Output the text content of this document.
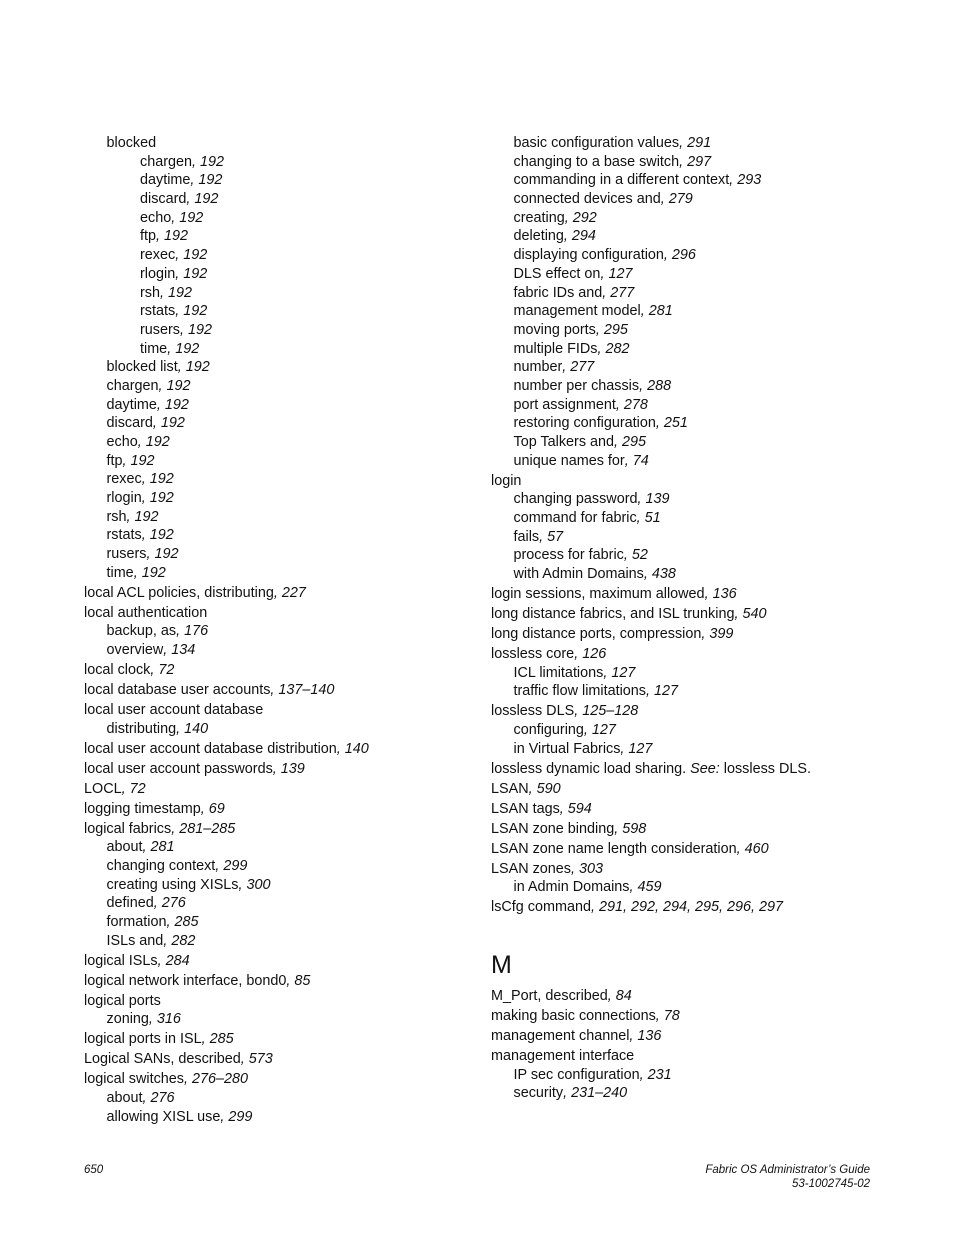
blocked
chargen, 192
daytime, 192
discard, 192
echo, 192
ftp, 192
rexec, 192
rlogin, 192
rsh, 192
rstats, 192
rusers, 192
time, 192
blocked list, 192
chargen, 192
daytime, 192
discard, 192
echo, 192
ftp, 192
rexec, 192
rlogin, 192
rsh, 192
rstats, 192
rusers, 192
time, 192
local ACL policies, distributing, 227
local authentication
backup, as, 176
overview, 134
local clock, 72
local database user accounts, 137–140
local user account database
distributing, 140
local user account database distribution, 140
local user account passwords, 139
LOCL, 72
logging timestamp, 69
logical fabrics, 281–285
about, 281
changing context, 299
creating using XISLs, 300
defined, 276
formation, 285
ISLs and, 282
logical ISLs, 284
logical network interface, bond0, 85
logical ports
zoning, 316
logical ports in ISL, 285
Logical SANs, described, 573
logical switches, 276–280
about, 276
allowing XISL use, 299
basic configuration values, 291
changing to a base switch, 297
commanding in a different context, 293
connected devices and, 279
creating, 292
deleting, 294
displaying configuration, 296
DLS effect on, 127
fabric IDs and, 277
management model, 281
moving ports, 295
multiple FIDs, 282
number, 277
number per chassis, 288
port assignment, 278
restoring configuration, 251
Top Talkers and, 295
unique names for, 74
login
changing password, 139
command for fabric, 51
fails, 57
process for fabric, 52
with Admin Domains, 438
login sessions, maximum allowed, 136
long distance fabrics, and ISL trunking, 540
long distance ports, compression, 399
lossless core, 126
ICL limitations, 127
traffic flow limitations, 127
lossless DLS, 125–128
configuring, 127
in Virtual Fabrics, 127
lossless dynamic load sharing. See: lossless DLS.
LSAN, 590
LSAN tags, 594
LSAN zone binding, 598
LSAN zone name length consideration, 460
LSAN zones, 303
in Admin Domains, 459
lsCfg command, 291, 292, 294, 295, 296, 297
M
M_Port, described, 84
making basic connections, 78
management channel, 136
management interface
IP sec configuration, 231
security, 231–240
650	Fabric OS Administrator’s Guide
53-1002745-02
